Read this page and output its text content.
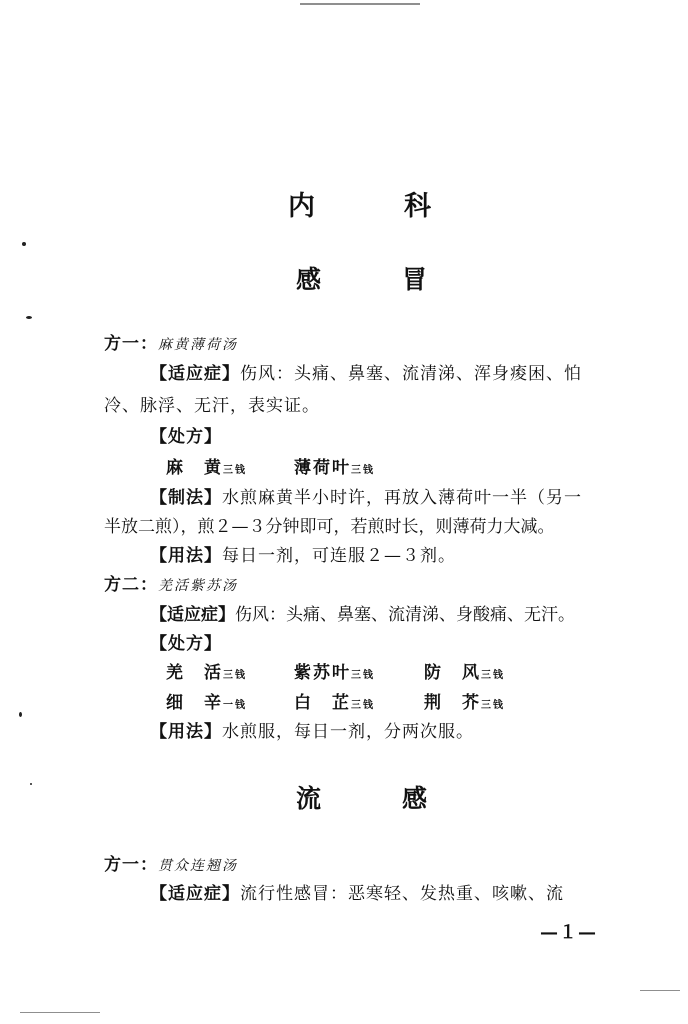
内	科
感	冒
方一：麻黄薄荷汤
【适应症】伤风：头痛、鼻塞、流清涕、浑身痠困、怕
冷、脉浮、无汗，表实证。
【处方】
麻　黄三钱	薄荷叶三钱
【制法】水煎麻黄半小时许，再放入薄荷叶一半（另一
半放二煎），煎２—３分钟即可，若煎时长，则薄荷力大减。
【用法】每日一剂，可连服２—３剂。
方二：羌活紫苏汤
【适应症】伤风：头痛、鼻塞、流清涕、身酸痛、无汗。
【处方】
羌　活三钱	紫苏叶三钱	防　风三钱
细　辛一钱	白　芷三钱	荆　芥三钱
【用法】水煎服，每日一剂，分两次服。
流	感
方一：贯众连翘汤
【适应症】流行性感冒：恶寒轻、发热重、咳嗽、流
—１—
